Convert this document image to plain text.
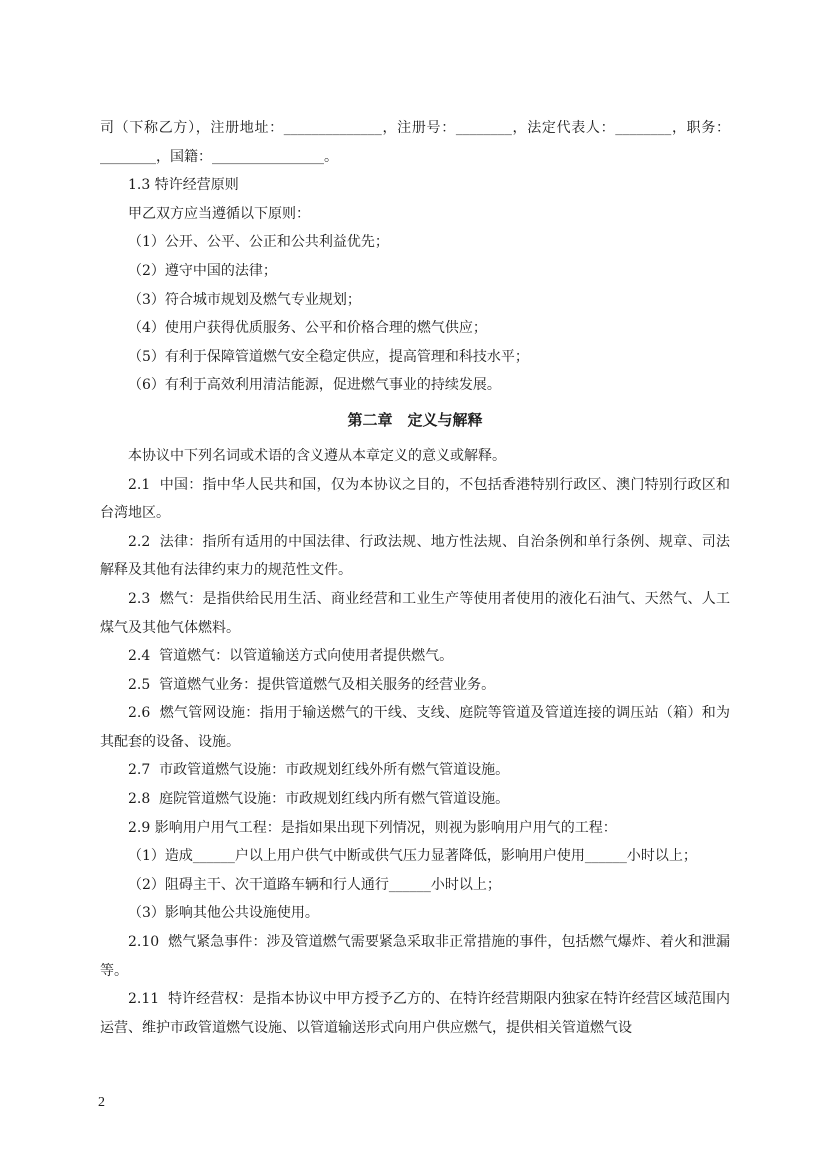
司（下称乙方），注册地址：______________，注册号：________，法定代表人：________，职务：________，国籍：________________。

1.3 特许经营原则

甲乙双方应当遵循以下原则：

（1）公开、公平、公正和公共利益优先；

（2）遵守中国的法律；

（3）符合城市规划及燃气专业规划；

（4）使用户获得优质服务、公平和价格合理的燃气供应；

（5）有利于保障管道燃气安全稳定供应，提高管理和科技水平；

（6）有利于高效利用清洁能源，促进燃气事业的持续发展。

第二章　定义与解释

本协议中下列名词或术语的含义遵从本章定义的意义或解释。

2.1  中国：指中华人民共和国，仅为本协议之目的，不包括香港特别行政区、澳门特别行政区和台湾地区。

2.2  法律：指所有适用的中国法律、行政法规、地方性法规、自治条例和单行条例、规章、司法解释及其他有法律约束力的规范性文件。

2.3  燃气：是指供给民用生活、商业经营和工业生产等使用者使用的液化石油气、天然气、人工煤气及其他气体燃料。

2.4  管道燃气：以管道输送方式向使用者提供燃气。

2.5  管道燃气业务：提供管道燃气及相关服务的经营业务。

2.6  燃气管网设施：指用于输送燃气的干线、支线、庭院等管道及管道连接的调压站（箱）和为其配套的设备、设施。

2.7  市政管道燃气设施：市政规划红线外所有燃气管道设施。

2.8  庭院管道燃气设施：市政规划红线内所有燃气管道设施。

2.9 影响用户用气工程：是指如果出现下列情况，则视为影响用户用气的工程：

（1）造成______户以上用户供气中断或供气压力显著降低，影响用户使用______小时以上；

（2）阻碍主干、次干道路车辆和行人通行______小时以上；

（3）影响其他公共设施使用。

2.10  燃气紧急事件：涉及管道燃气需要紧急采取非正常措施的事件，包括燃气爆炸、着火和泄漏等。

2.11  特许经营权：是指本协议中甲方授予乙方的、在特许经营期限内独家在特许经营区域范围内运营、维护市政管道燃气设施、以管道输送形式向用户供应燃气，提供相关管道燃气设

2
